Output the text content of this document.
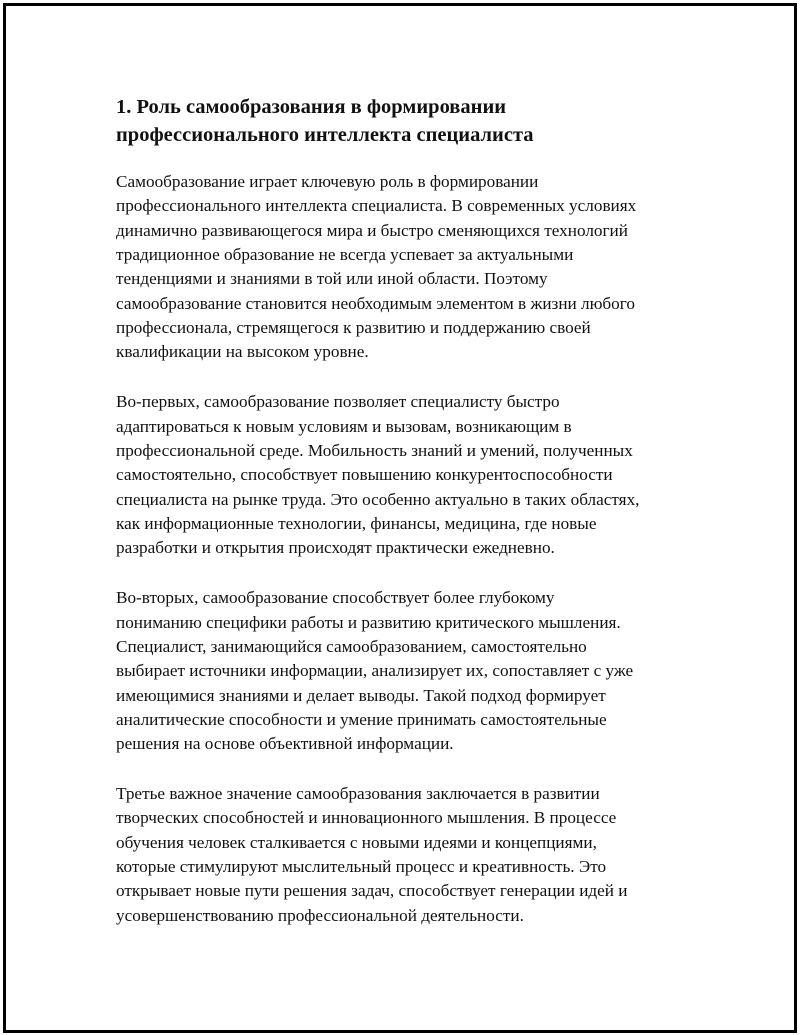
1. Роль самообразования в формировании
профессионального интеллекта специалиста

Самообразование играет ключевую роль в формировании
профессионального интеллекта специалиста. В современных условиях
динамично развивающегося мира и быстро сменяющихся технологий
традиционное образование не всегда успевает за актуальными
тенденциями и знаниями в той или иной области. Поэтому
самообразование становится необходимым элементом в жизни любого
профессионала, стремящегося к развитию и поддержанию своей
квалификации на высоком уровне.

Во-первых, самообразование позволяет специалисту быстро
адаптироваться к новым условиям и вызовам, возникающим в
профессиональной среде. Мобильность знаний и умений, полученных
самостоятельно, способствует повышению конкурентоспособности
специалиста на рынке труда. Это особенно актуально в таких областях,
как информационные технологии, финансы, медицина, где новые
разработки и открытия происходят практически ежедневно.

Во-вторых, самообразование способствует более глубокому
пониманию специфики работы и развитию критического мышления.
Специалист, занимающийся самообразованием, самостоятельно
выбирает источники информации, анализирует их, сопоставляет с уже
имеющимися знаниями и делает выводы. Такой подход формирует
аналитические способности и умение принимать самостоятельные
решения на основе объективной информации.

Третье важное значение самообразования заключается в развитии
творческих способностей и инновационного мышления. В процессе
обучения человек сталкивается с новыми идеями и концепциями,
которые стимулируют мыслительный процесс и креативность. Это
открывает новые пути решения задач, способствует генерации идей и
усовершенствованию профессиональной деятельности.
